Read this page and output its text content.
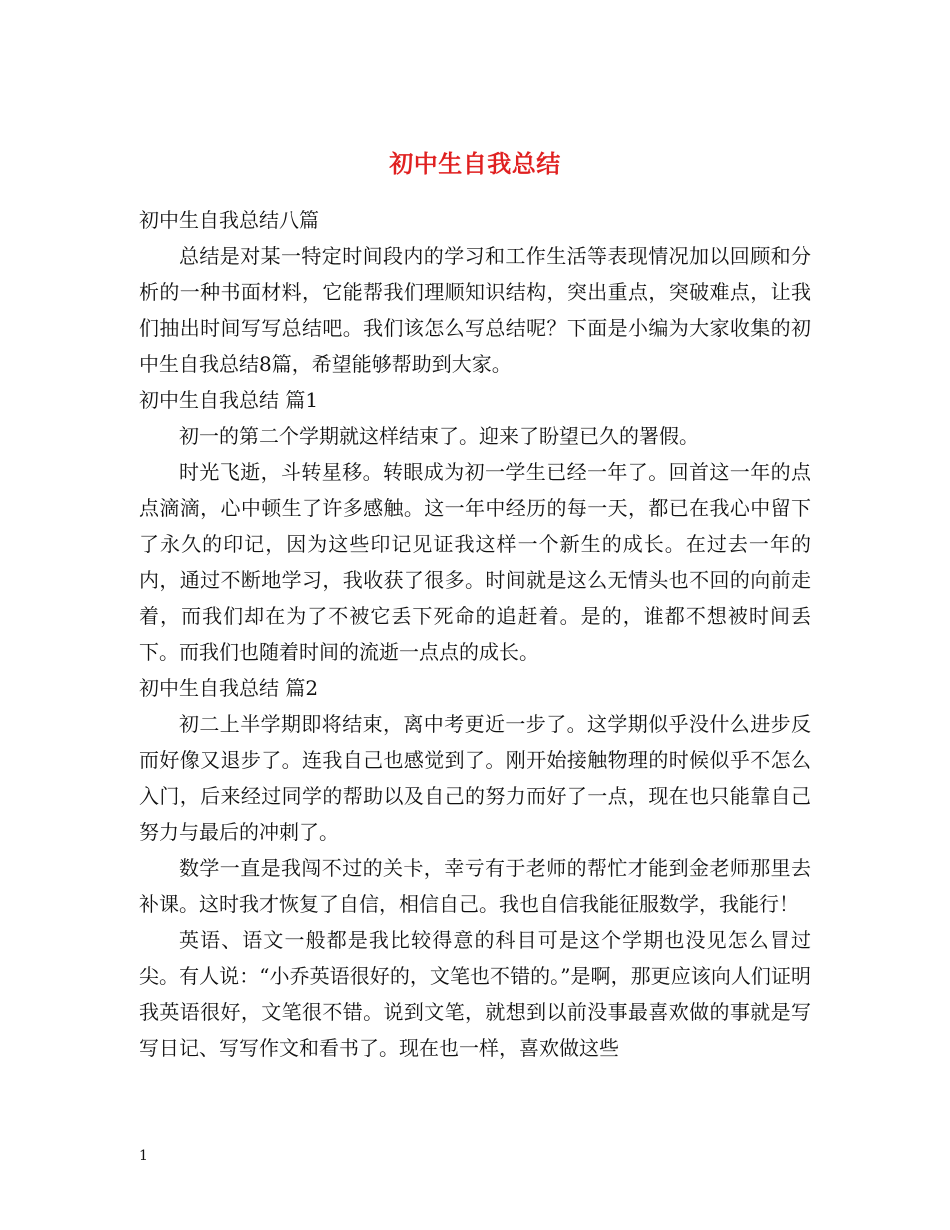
初中生自我总结

初中生自我总结八篇

总结是对某一特定时间段内的学习和工作生活等表现情况加以回顾和分析的一种书面材料，它能帮我们理顺知识结构，突出重点，突破难点，让我们抽出时间写写总结吧。我们该怎么写总结呢？下面是小编为大家收集的初中生自我总结8篇，希望能够帮助到大家。

初中生自我总结 篇1

初一的第二个学期就这样结束了。迎来了盼望已久的署假。

时光飞逝，斗转星移。转眼成为初一学生已经一年了。回首这一年的点点滴滴，心中顿生了许多感触。这一年中经历的每一天，都已在我心中留下了永久的印记，因为这些印记见证我这样一个新生的成长。在过去一年的内，通过不断地学习，我收获了很多。时间就是这么无情头也不回的向前走着，而我们却在为了不被它丢下死命的追赶着。是的，谁都不想被时间丢下。而我们也随着时间的流逝一点点的成长。

初中生自我总结 篇2

初二上半学期即将结束，离中考更近一步了。这学期似乎没什么进步反而好像又退步了。连我自己也感觉到了。刚开始接触物理的时候似乎不怎么入门，后来经过同学的帮助以及自己的努力而好了一点，现在也只能靠自己努力与最后的冲刺了。

数学一直是我闯不过的关卡，幸亏有于老师的帮忙才能到金老师那里去补课。这时我才恢复了自信，相信自己。我也自信我能征服数学，我能行！

英语、语文一般都是我比较得意的科目可是这个学期也没见怎么冒过尖。有人说：“小乔英语很好的，文笔也不错的。”是啊，那更应该向人们证明我英语很好，文笔很不错。说到文笔，就想到以前没事最喜欢做的事就是写写日记、写写作文和看书了。现在也一样，喜欢做这些

1
